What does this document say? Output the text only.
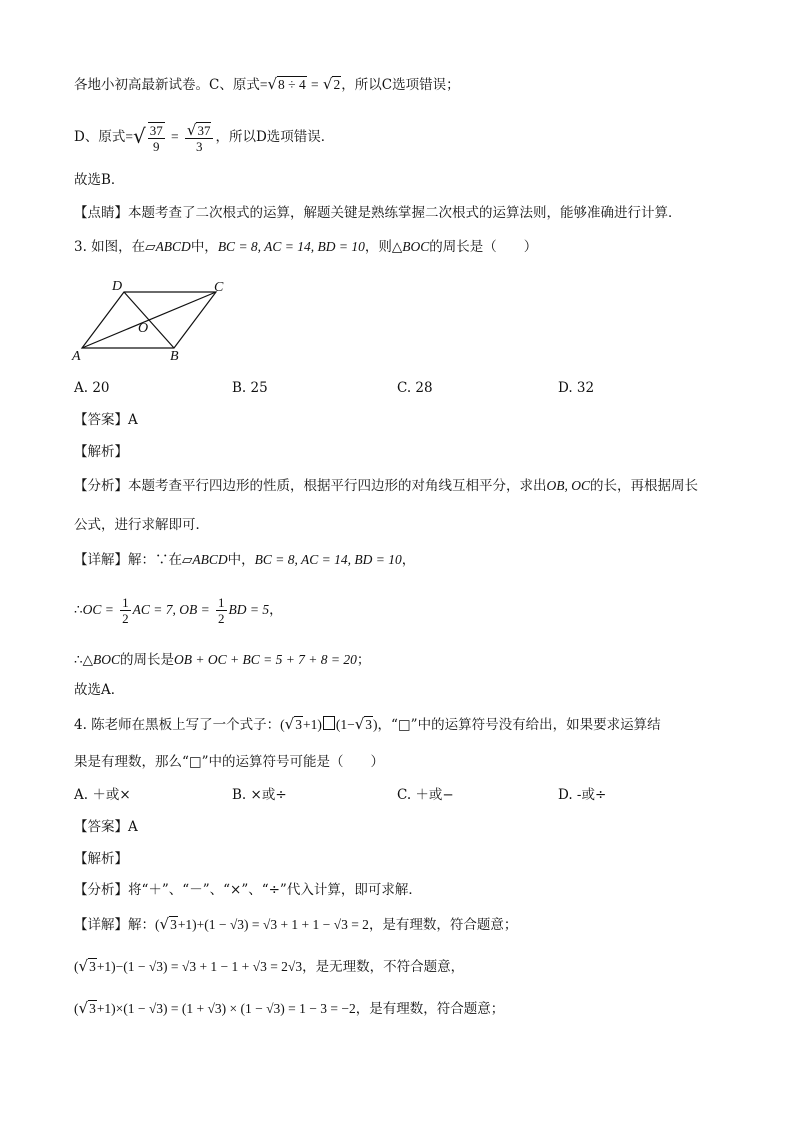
各地小初高最新试卷。C、原式=√8 ÷ 4 = √2，所以C选项错误；
D、原式=√ $\frac{37}{9} = \frac{√37}{3}$ ，所以D选项错误．
故选B．
【点睛】本题考查了二次根式的运算，解题关键是熟练掌握二次根式的运算法则，能够准确进行计算．
3. 如图，在▱ABCD中，BC = 8, AC = 14, BD = 10，则△BOC的周长是（　　）
D	C
O
A	B
A. 20	B. 25	C. 28	D. 32
【答案】A
【解析】
【分析】本题考查平行四边形的性质，根据平行四边形的对角线互相平分，求出OB, OC的长，再根据周长
公式，进行求解即可．
【详解】解：∵在▱ABCD中，BC = 8, AC = 14, BD = 10，
∴OC = $\frac{1}{2}$ AC = 7, OB = $\frac{1}{2}$ BD = 5，
∴△BOC的周长是OB + OC + BC = 5 + 7 + 8 = 20；
故选A．
4. 陈老师在黑板上写了一个式子：(√3+1) (1−√3)，“□”中的运算符号没有给出，如果要求运算结
果是有理数，那么“□”中的运算符号可能是（　　）
A. ＋或×	B. ×或÷	C. ＋或−	D. -或÷
【答案】A
【解析】
【分析】将“＋”、“－”、“×”、“÷”代入计算，即可求解．
【详解】解：(√3+1)+(1 − √3) = √3 + 1 + 1 − √3 = 2，是有理数，符合题意；
(√3+1)−(1 − √3) = √3 + 1 − 1 + √3 = 2√3，是无理数，不符合题意，
(√3+1)×(1 − √3) = (1 + √3) × (1 − √3) = 1 − 3 = −2，是有理数，符合题意；
